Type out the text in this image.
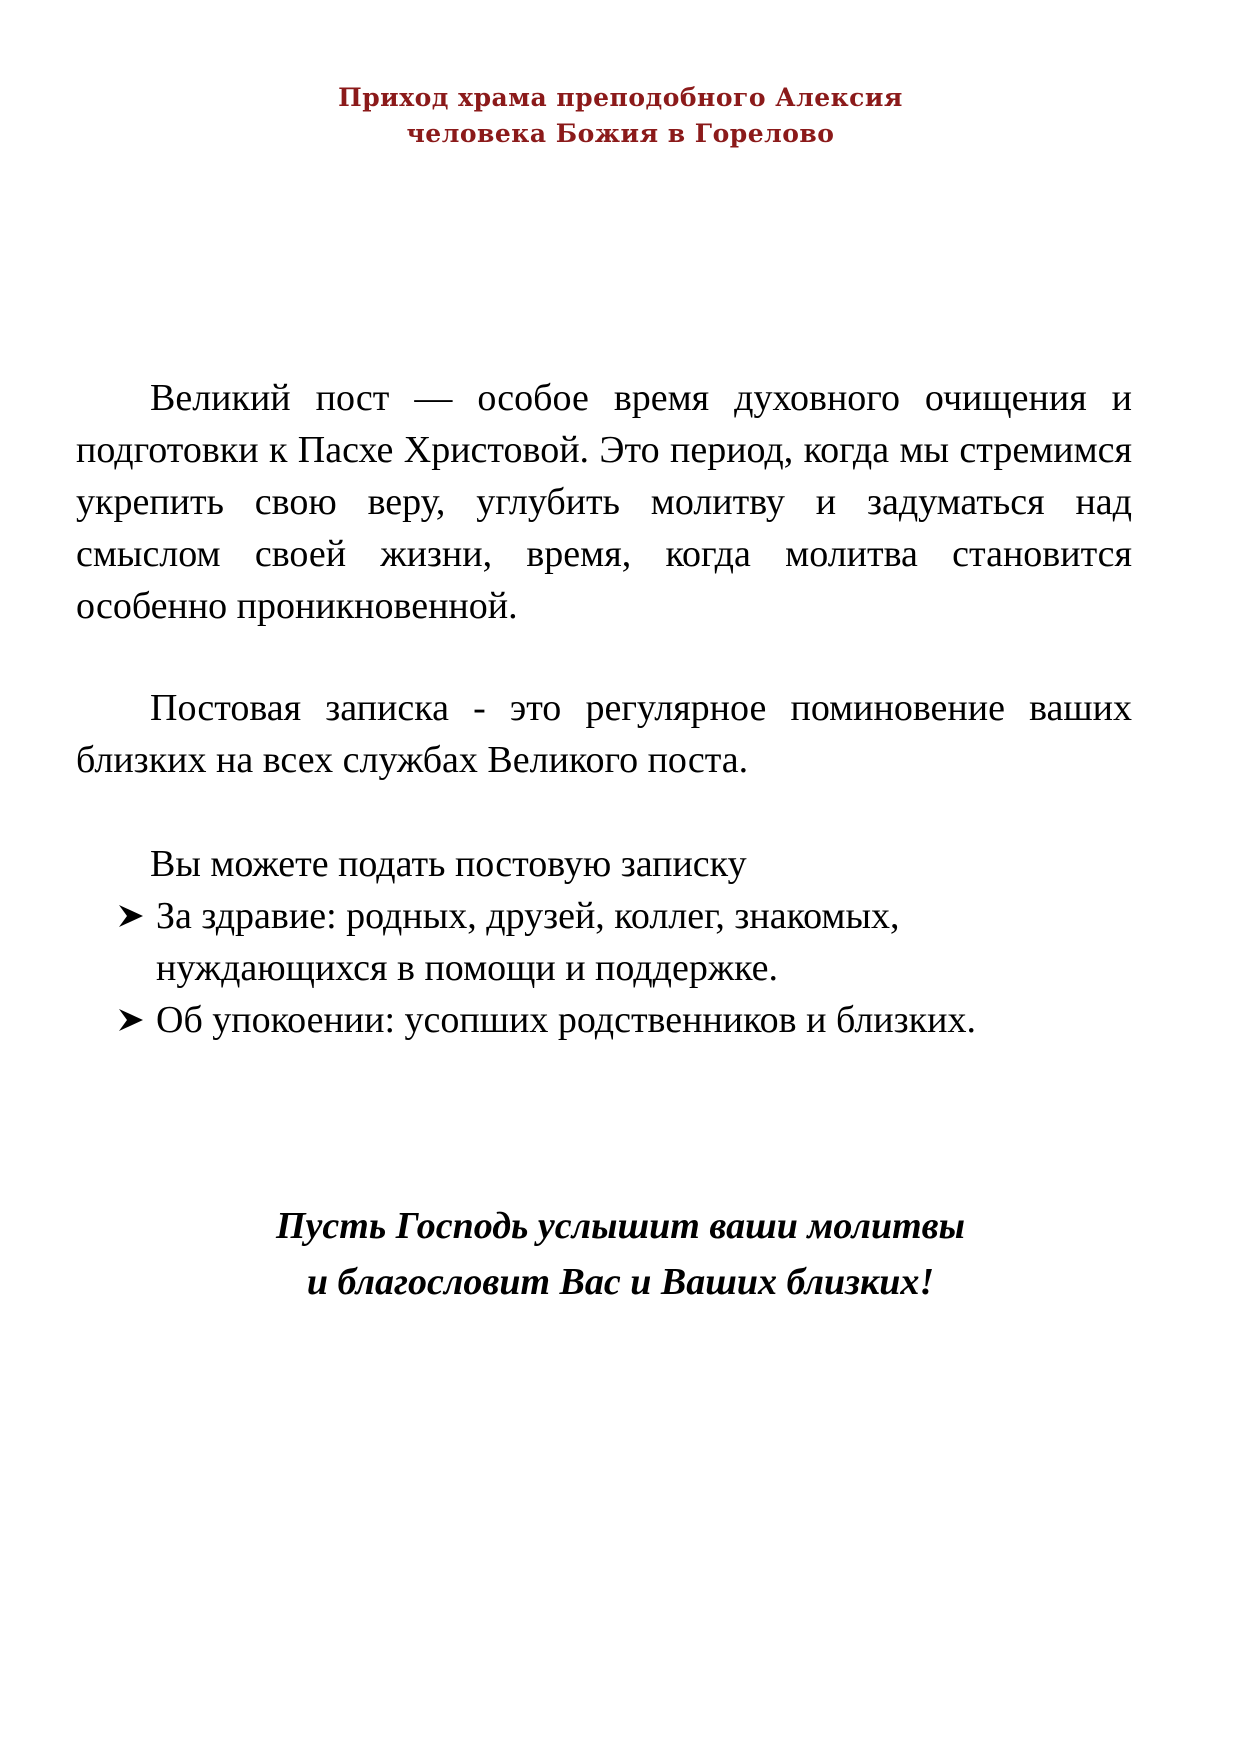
Приход храма преподобного Алексия
человека Божия в Горелово

Великий пост — особое время духовного очищения и подготовки к Пасхе Христовой. Это период, когда мы стремимся укрепить свою веру, углубить молитву и задуматься над смыслом своей жизни, время, когда молитва становится особенно проникновенной.

Постовая записка - это регулярное поминовение ваших близких на всех службах Великого поста.

Вы можете подать постовую записку

За здравие: родных, друзей, коллег, знакомых, нуждающихся в помощи и поддержке.
Об упокоении: усопших родственников и близких.
Пусть Господь услышит ваши молитвы
и благословит Вас и Ваших близких!
